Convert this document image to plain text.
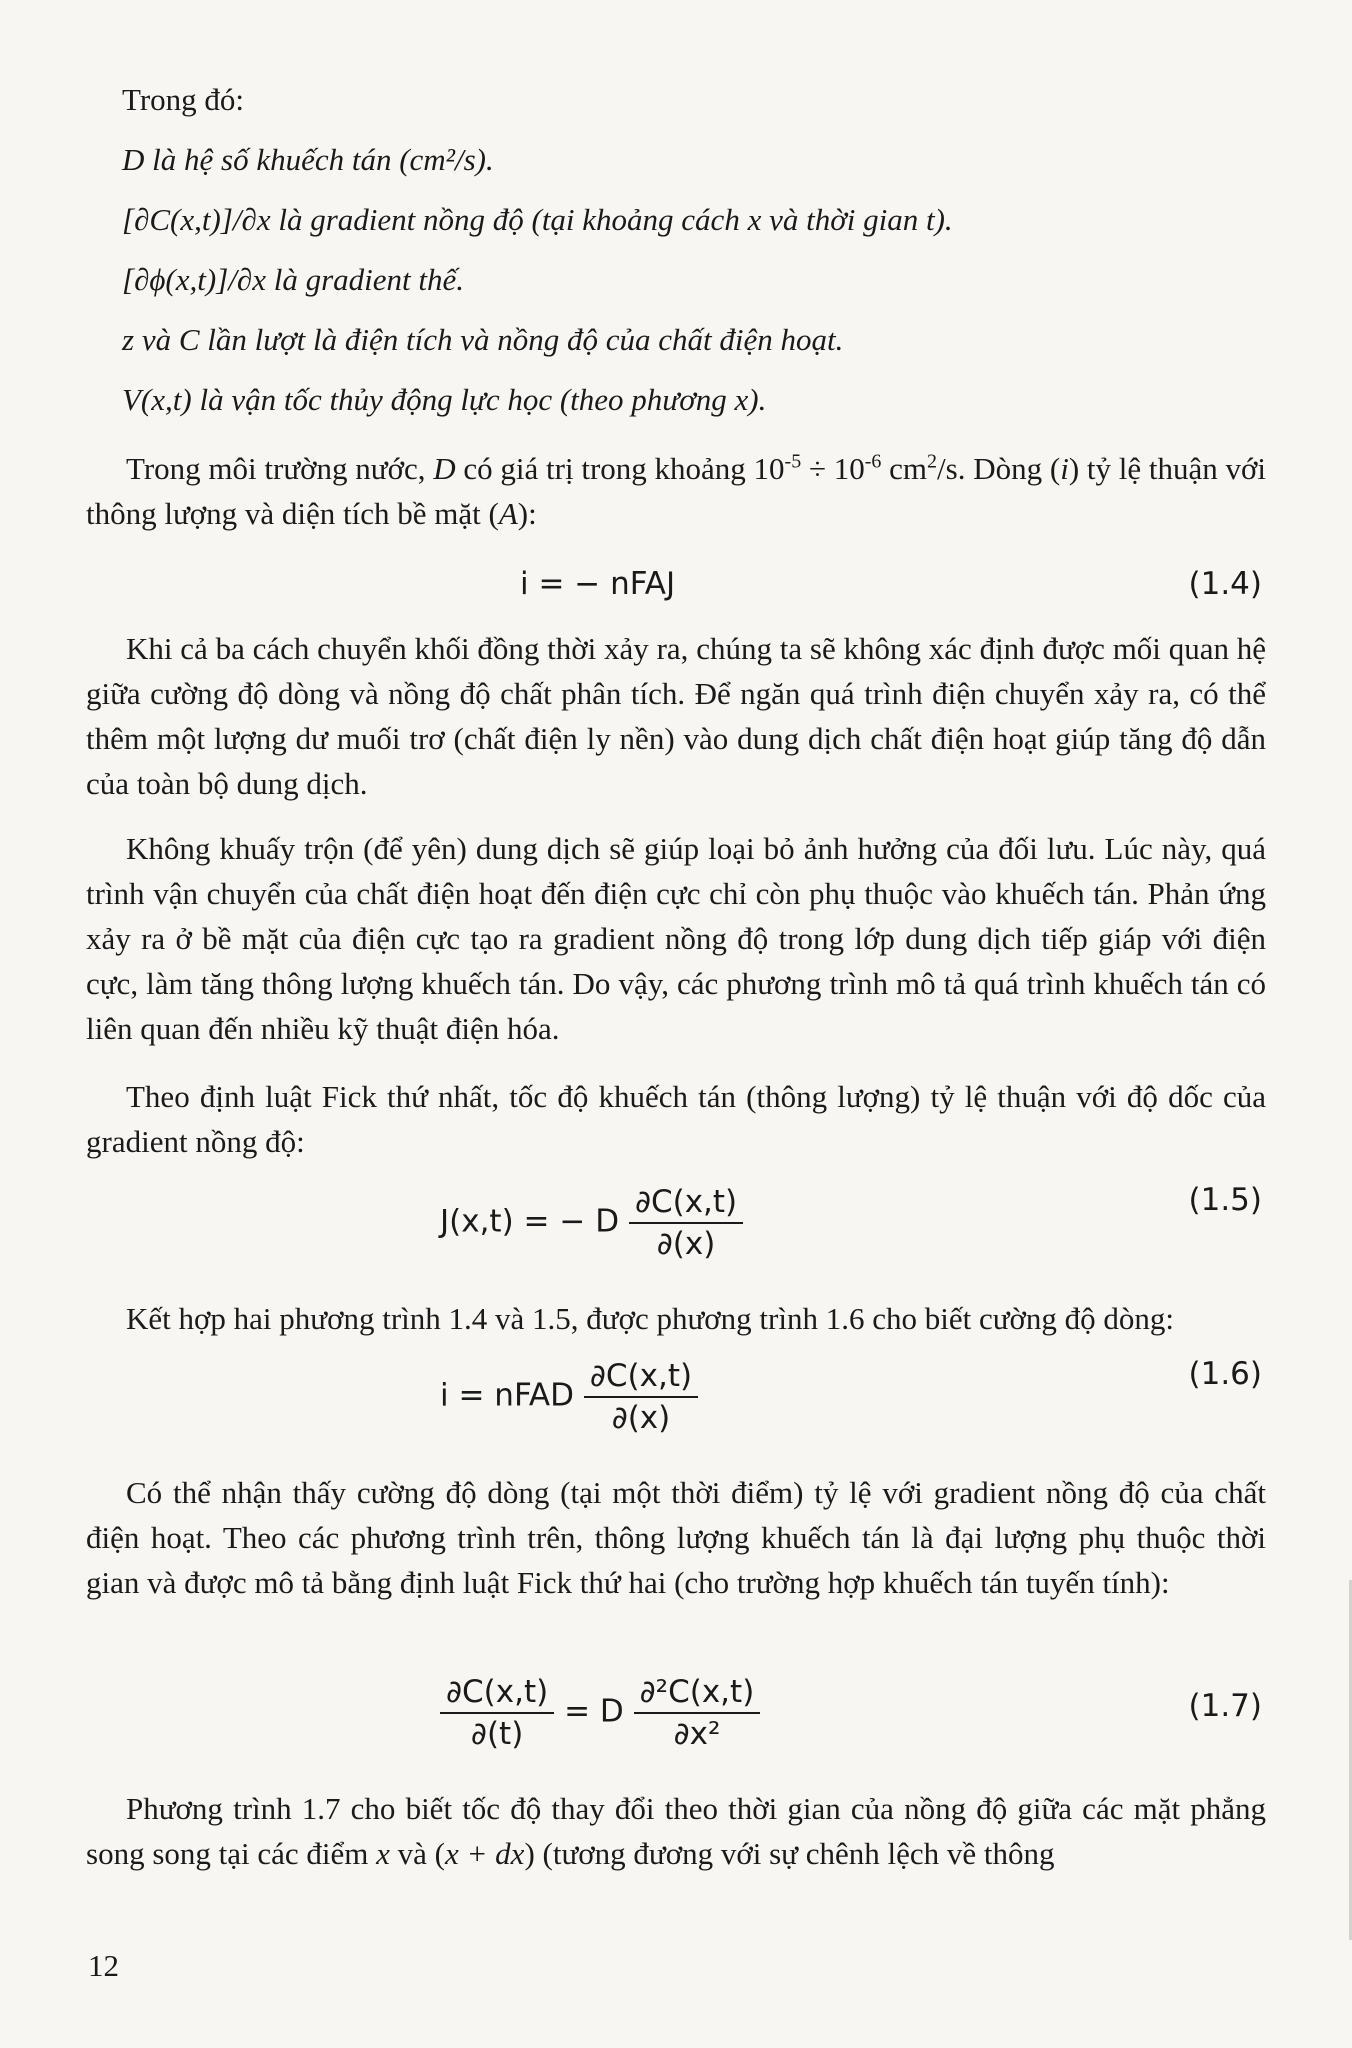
Trong đó:
D là hệ số khuếch tán (cm²/s).
[∂C(x,t)]/∂x là gradient nồng độ (tại khoảng cách x và thời gian t).
[∂ϕ(x,t)]/∂x là gradient thế.
z và C lần lượt là điện tích và nồng độ của chất điện hoạt.
V(x,t) là vận tốc thủy động lực học (theo phương x).
Trong môi trường nước, D có giá trị trong khoảng $10^{-5} \div 10^{-6}$ $cm^2/s$. Dòng (i) tỷ lệ thuận với thông lượng và diện tích bề mặt (A):
i = − nFAJ	(1.4)
Khi cả ba cách chuyển khối đồng thời xảy ra, chúng ta sẽ không xác định được mối quan hệ giữa cường độ dòng và nồng độ chất phân tích. Để ngăn quá trình điện chuyển xảy ra, có thể thêm một lượng dư muối trơ (chất điện ly nền) vào dung dịch chất điện hoạt giúp tăng độ dẫn của toàn bộ dung dịch.
Không khuấy trộn (để yên) dung dịch sẽ giúp loại bỏ ảnh hưởng của đối lưu. Lúc này, quá trình vận chuyển của chất điện hoạt đến điện cực chỉ còn phụ thuộc vào khuếch tán. Phản ứng xảy ra ở bề mặt của điện cực tạo ra gradient nồng độ trong lớp dung dịch tiếp giáp với điện cực, làm tăng thông lượng khuếch tán. Do vậy, các phương trình mô tả quá trình khuếch tán có liên quan đến nhiều kỹ thuật điện hóa.
Theo định luật Fick thứ nhất, tốc độ khuếch tán (thông lượng) tỷ lệ thuận với độ dốc của gradient nồng độ:
J(x,t) = − D $\frac{\partial C(x,t)}{\partial(x)}$	(1.5)
Kết hợp hai phương trình 1.4 và 1.5, được phương trình 1.6 cho biết cường độ dòng:
i = nFAD $\frac{\partial C(x,t)}{\partial(x)}$	(1.6)
Có thể nhận thấy cường độ dòng (tại một thời điểm) tỷ lệ với gradient nồng độ của chất điện hoạt. Theo các phương trình trên, thông lượng khuếch tán là đại lượng phụ thuộc thời gian và được mô tả bằng định luật Fick thứ hai (cho trường hợp khuếch tán tuyến tính):
$\frac{\partial C(x,t)}{\partial(t)} = D \frac{\text{∂²C(x,t)}}{\text{∂x²}}$	(1.7)
Phương trình 1.7 cho biết tốc độ thay đổi theo thời gian của nồng độ giữa các mặt phẳng song song tại các điểm x và (x + dx) (tương đương với sự chênh lệch về thông
12
